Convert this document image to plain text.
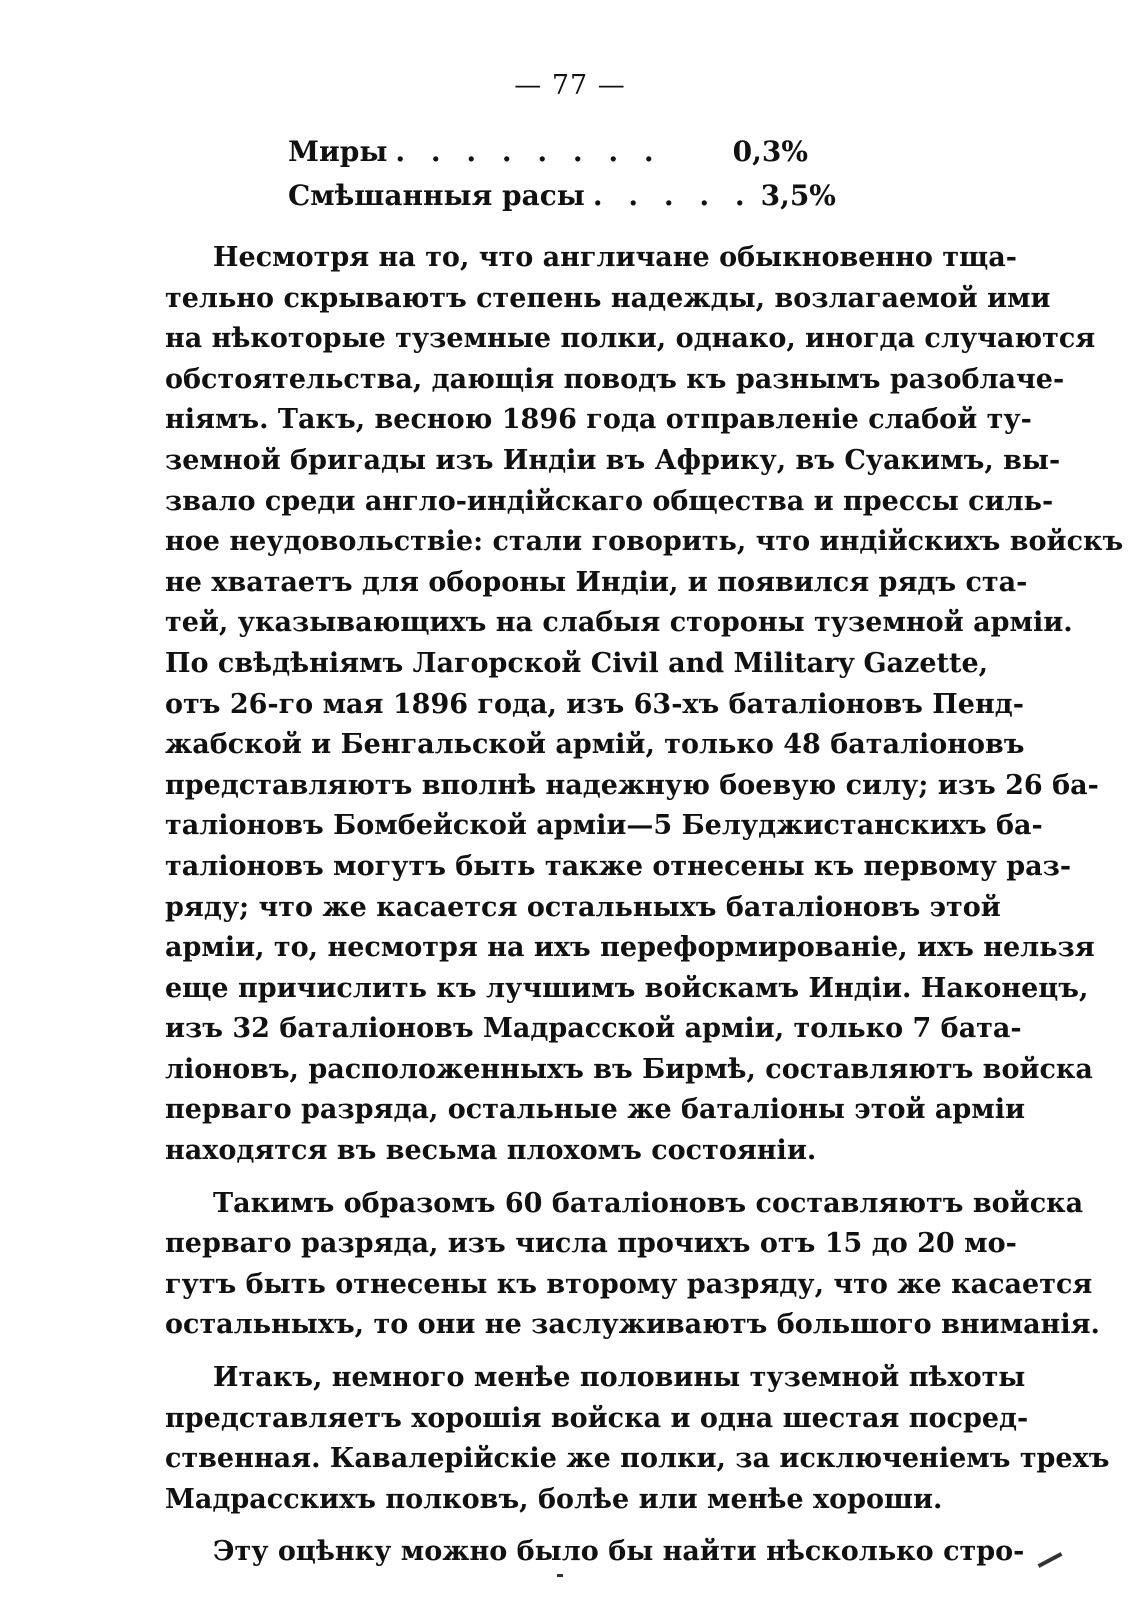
— 77 —
Миры . . . . . . . .	0,3%
Смѣшанныя расы . . . . . 3,5%
Несмотря на то, что англичане обыкновенно тща-
тельно скрываютъ степень надежды, возлагаемой ими
на нѣкоторые туземные полки, однако, иногда случаются
обстоятельства, дающія поводъ къ разнымъ разоблаче-
ніямъ. Такъ, весною 1896 года отправленіе слабой ту-
земной бригады изъ Индіи въ Африку, въ Суакимъ, вы-
звало среди англо-индійскаго общества и прессы силь-
ное неудовольствіе: стали говорить, что индійскихъ войскъ
не хватаетъ для обороны Индіи, и появился рядъ ста-
тей, указывающихъ на слабыя стороны туземной арміи.
По свѣдѣніямъ Лагорской Civil and Military Gazette,
отъ 26-го мая 1896 года, изъ 63-хъ баталіоновъ Пенд-
жабской и Бенгальской армій, только 48 баталіоновъ
представляютъ вполнѣ надежную боевую силу; изъ 26 ба-
таліоновъ Бомбейской арміи—5 Белуджистанскихъ ба-
таліоновъ могутъ быть также отнесены къ первому раз-
ряду; что же касается остальныхъ баталіоновъ этой
арміи, то, несмотря на ихъ переформированіе, ихъ нельзя
еще причислить къ лучшимъ войскамъ Индіи. Наконецъ,
изъ 32 баталіоновъ Мадрасской арміи, только 7 бата-
ліоновъ, расположенныхъ въ Бирмѣ, составляютъ войска
перваго разряда, остальные же баталіоны этой арміи
находятся въ весьма плохомъ состояніи.
Такимъ образомъ 60 баталіоновъ составляютъ войска
перваго разряда, изъ числа прочихъ отъ 15 до 20 мо-
гутъ быть отнесены къ второму разряду, что же касается
остальныхъ, то они не заслуживаютъ большого вниманія.
Итакъ, немного менѣе половины туземной пѣхоты
представляетъ хорошія войска и одна шестая посред-
ственная. Кавалерійскіе же полки, за исключеніемъ трехъ
Мадрасскихъ полковъ, болѣе или менѣе хороши.
Эту оцѣнку можно было бы найти нѣсколько стро-
